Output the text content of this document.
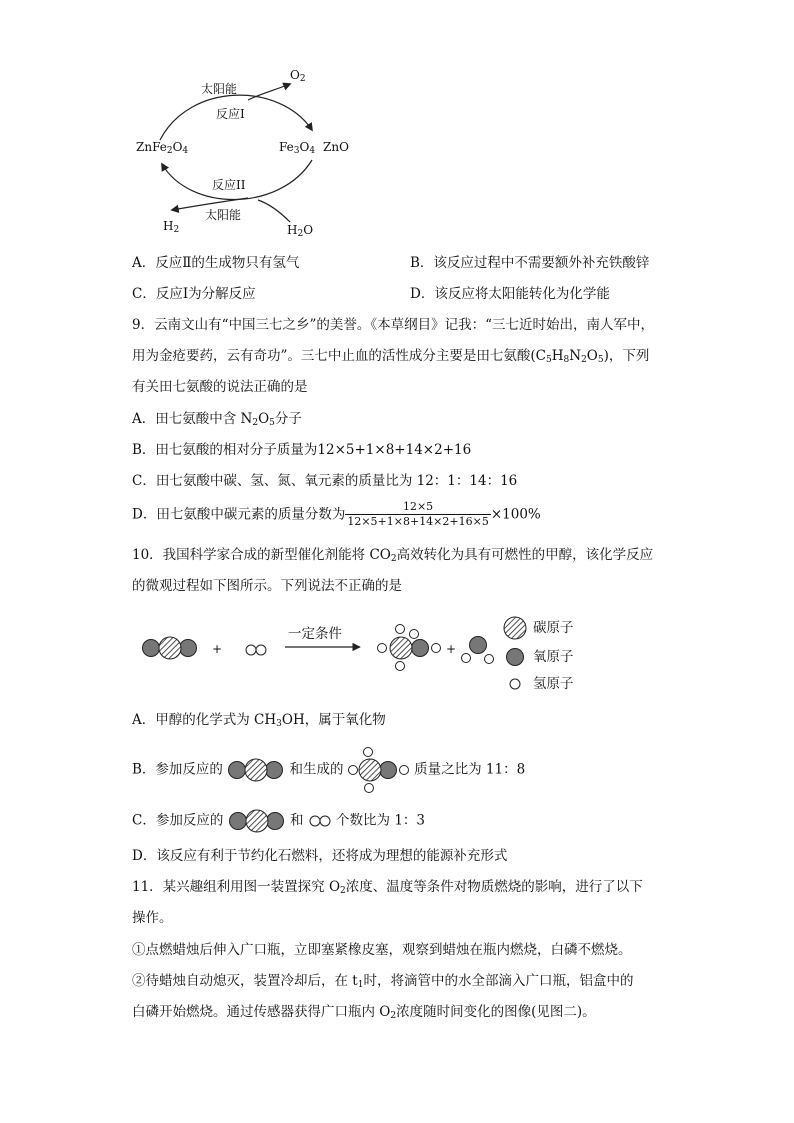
太阳能
$O_2$
反应I
$ZnFe_2O_4$	$Fe_3O_4$ ZnO
反应II
太阳能
$H_2$	$H_2O$
A．反应Ⅱ的生成物只有氢气	B．该反应过程中不需要额外补充铁酸锌
C．反应Ⅰ为分解反应	D．该反应将太阳能转化为化学能
9．云南文山有“中国三七之乡”的美誉。《本草纲目》记我：“三七近时始出，南人军中，
用为金疮要药，云有奇功”。三七中止血的活性成分主要是田七氨酸$(C_5H_8N_2O_5)$，下列
有关田七氨酸的说法正确的是
A．田七氨酸中含 $N_2O_5$分子
B．田七氨酸的相对分子质量为12×5+1×8+14×2+16
C．田七氨酸中碳、氢、氮、氧元素的质量比为 12：1：14：16
D．田七氨酸中碳元素的质量分数为 $\frac{12\times 5}{12\times 5+1\times 8+14\times 2+16\times 5} \times 100\%$
10．我国科学家合成的新型催化剂能将 $CO_2$高效转化为具有可燃性的甲醇，该化学反应
的微观过程如下图所示。下列说法不正确的是
+
一定条件
+
碳原子
氧原子
氢原子
A．甲醇的化学式为 $CH_3OH$，属于氧化物
B．参加反应的	和生成的	质量之比为 11：8
C．参加反应的	和 个数比为 1：3
D．该反应有利于节约化石燃料，还将成为理想的能源补充形式
11．某兴趣组利用图一装置探究 $O_2$浓度、温度等条件对物质燃烧的影响，进行了以下
操作。
①点燃蜡烛后伸入广口瓶，立即塞紧橡皮塞，观察到蜡烛在瓶内燃烧，白磷不燃烧。
②待蜡烛自动熄灭，装置冷却后，在 $t_1$时，将滴管中的水全部滴入广口瓶，铝盒中的
白磷开始燃烧。通过传感器获得广口瓶内 $O_2$浓度随时间变化的图像(见图二)。
